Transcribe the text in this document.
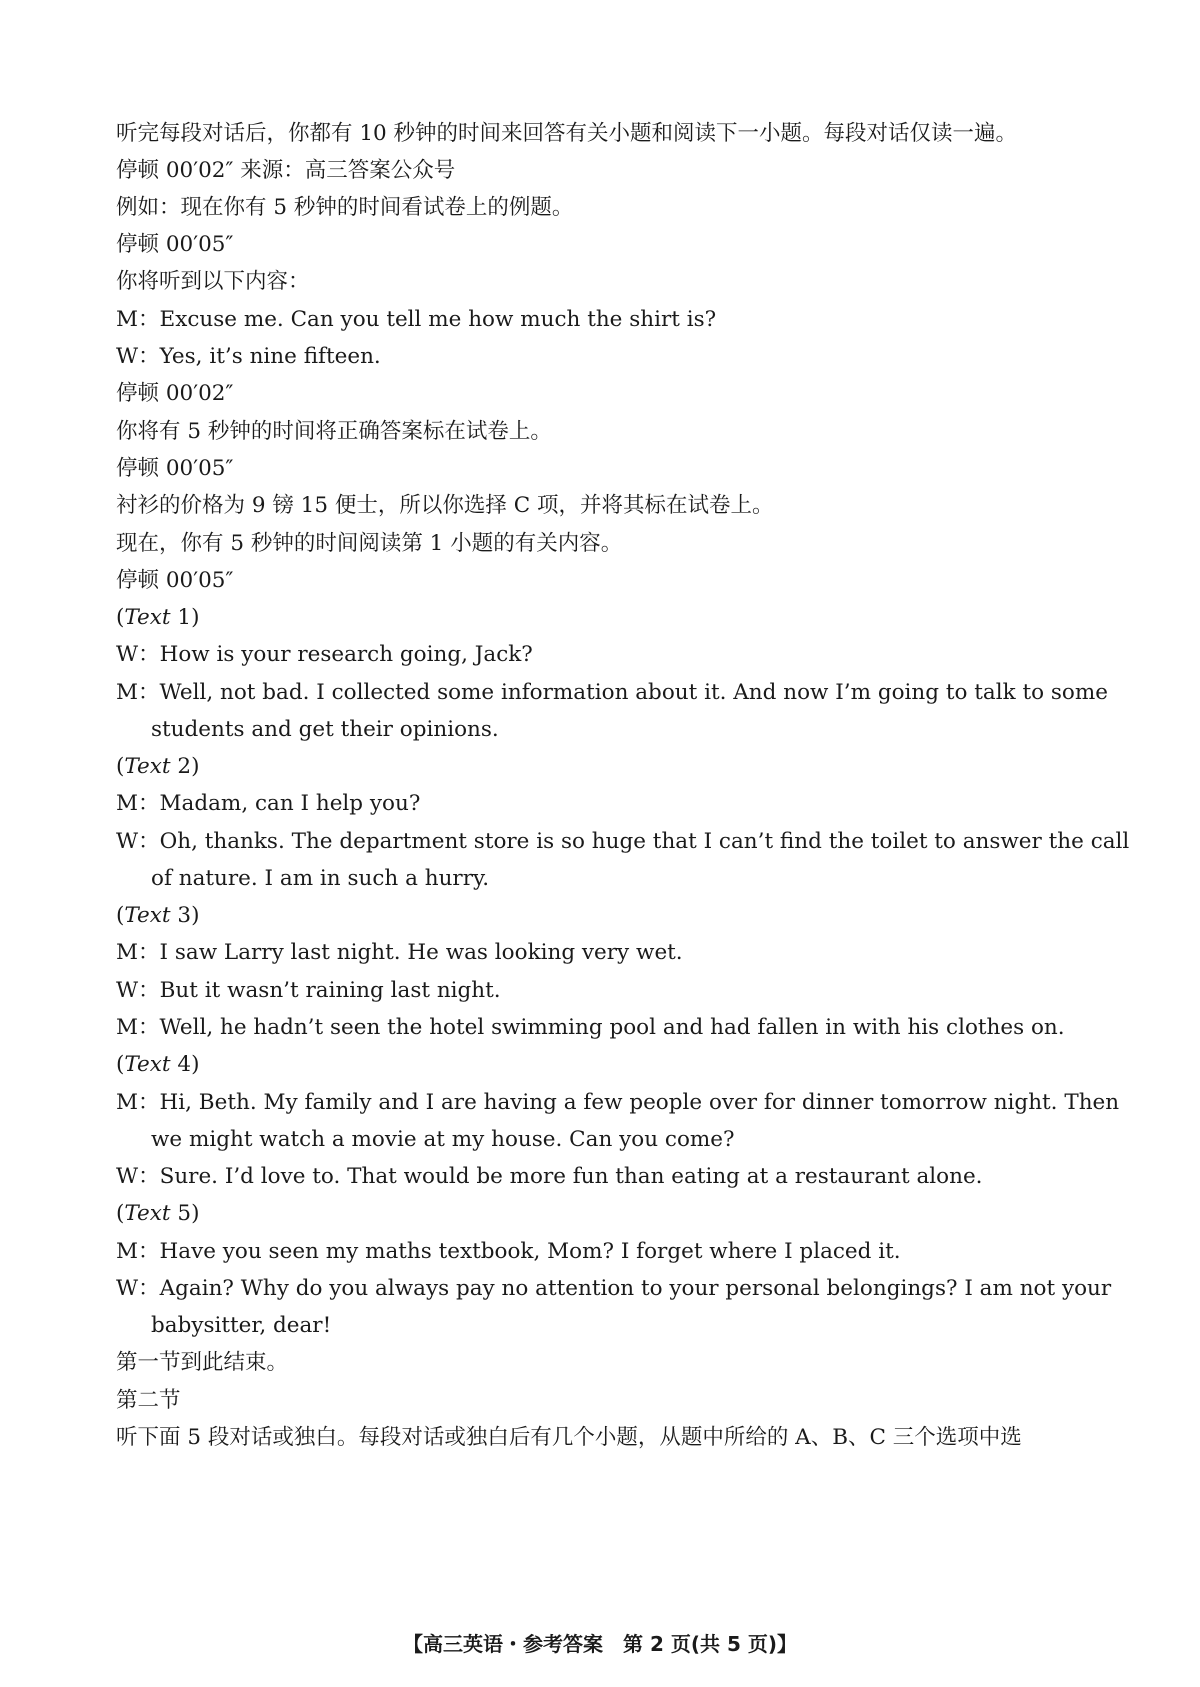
听完每段对话后，你都有 10 秒钟的时间来回答有关小题和阅读下一小题。每段对话仅读一遍。
停顿 00′02″ 来源：高三答案公众号
例如：现在你有 5 秒钟的时间看试卷上的例题。
停顿 00′05″
你将听到以下内容：
M：Excuse me. Can you tell me how much the shirt is?
W：Yes, it’s nine fifteen.
停顿 00′02″
你将有 5 秒钟的时间将正确答案标在试卷上。
停顿 00′05″
衬衫的价格为 9 镑 15 便士，所以你选择 C 项，并将其标在试卷上。
现在，你有 5 秒钟的时间阅读第 1 小题的有关内容。
停顿 00′05″
(Text 1)
W：How is your research going, Jack?
M：Well, not bad. I collected some information about it. And now I’m going to talk to some
students and get their opinions.
(Text 2)
M：Madam, can I help you?
W：Oh, thanks. The department store is so huge that I can’t find the toilet to answer the call
of nature. I am in such a hurry.
(Text 3)
M：I saw Larry last night. He was looking very wet.
W：But it wasn’t raining last night.
M：Well, he hadn’t seen the hotel swimming pool and had fallen in with his clothes on.
(Text 4)
M：Hi, Beth. My family and I are having a few people over for dinner tomorrow night. Then
we might watch a movie at my house. Can you come?
W：Sure. I’d love to. That would be more fun than eating at a restaurant alone.
(Text 5)
M：Have you seen my maths textbook, Mom? I forget where I placed it.
W：Again? Why do you always pay no attention to your personal belongings? I am not your
babysitter, dear!
第一节到此结束。
第二节
听下面 5 段对话或独白。每段对话或独白后有几个小题，从题中所给的 A、B、C 三个选项中选
【高三英语・参考答案　第 2 页(共 5 页)】
